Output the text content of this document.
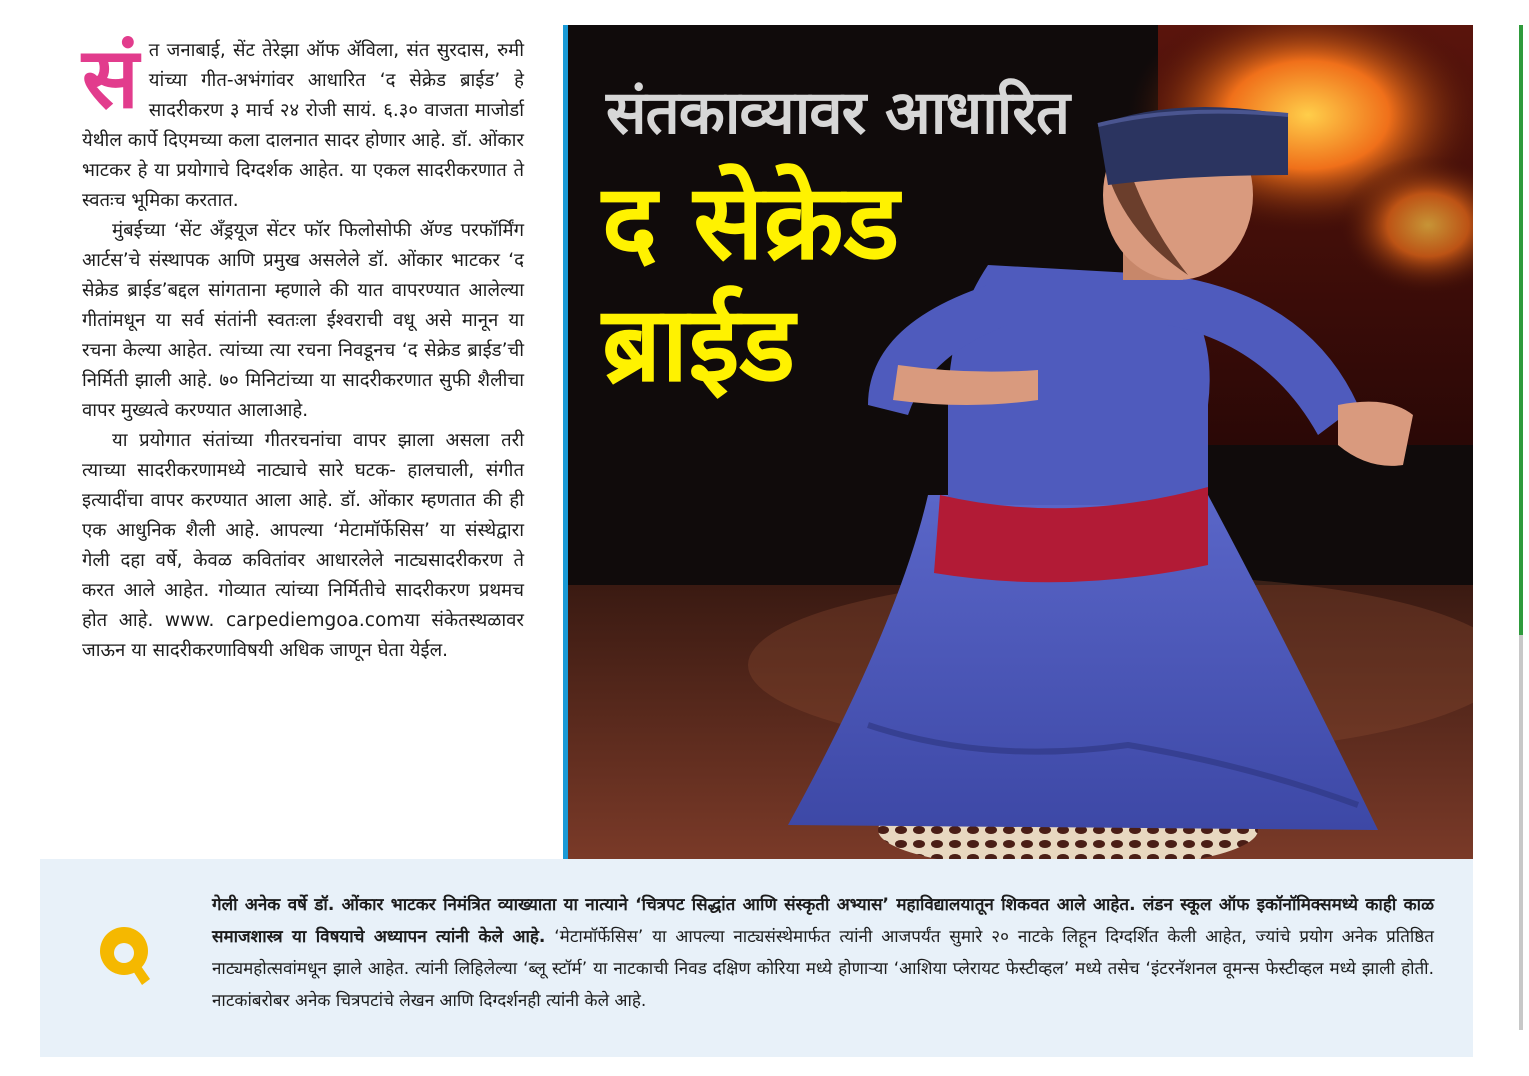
संत जनाबाई, सेंट तेरेझा ऑफ ॲविला, संत सुरदास, रुमी यांच्या गीत-अभंगांवर आधारित ‘द सेक्रेड ब्राईड’ हे सादरीकरण ३ मार्च २४ रोजी सायं. ६.३० वाजता माजोर्डा येथील कार्पे दिएमच्या कला दालनात सादर होणार आहे. डॉ. ओंकार भाटकर हे या प्रयोगाचे दिग्दर्शक आहेत. या एकल सादरीकरणात ते स्वतःच भूमिका करतात.

मुंबईच्या ‘सेंट ॲंड्रयूज सेंटर फॉर फिलोसोफी ॲण्ड परफॉर्मिंग आर्टस’चे संस्थापक आणि प्रमुख असलेले डॉ. ओंकार भाटकर ‘द सेक्रेड ब्राईड’बद्दल सांगताना म्हणाले की यात वापरण्यात आलेल्या गीतांमधून या सर्व संतांनी स्वतःला ईश्वराची वधू असे मानून या रचना केल्या आहेत. त्यांच्या त्या रचना निवडूनच ‘द सेक्रेड ब्राईड’ची निर्मिती झाली आहे. ७० मिनिटांच्या या सादरीकरणात सुफी शैलीचा वापर मुख्यत्वे करण्यात आलाआहे.

या प्रयोगात संतांच्या गीतरचनांचा वापर झाला असला तरी त्याच्या सादरीकरणामध्ये नाट्याचे सारे घटक- हालचाली, संगीत इत्यादींचा वापर करण्यात आला आहे. डॉ. ओंकार म्हणतात की ही एक आधुनिक शैली आहे. आपल्या ‘मेटामॉर्फेसिस’ या संस्थेद्वारा गेली दहा वर्षे, केवळ कवितांवर आधारलेले नाट्यसादरीकरण ते करत आले आहेत. गोव्यात त्यांच्या निर्मितीचे सादरीकरण प्रथमच होत आहे. www. carpediemgoa.comया संकेतस्थळावर जाऊन या सादरीकरणाविषयी अधिक जाणून घेता येईल.

संतकाव्यावर आधारित
द सेक्रेड ब्राईड

गेली अनेक वर्षे डॉ. ओंकार भाटकर निमंत्रित व्याख्याता या नात्याने ‘चित्रपट सिद्धांत आणि संस्कृती अभ्यास’ महाविद्यालयातून शिकवत आले आहेत. लंडन स्कूल ऑफ इकॉनॉमिक्समध्ये काही काळ समाजशास्त्र या विषयाचे अध्यापन त्यांनी केले आहे. ‘मेटामॉर्फेसिस’ या आपल्या नाट्यसंस्थेमार्फत त्यांनी आजपर्यंत सुमारे २० नाटके लिहून दिग्दर्शित केली आहेत, ज्यांचे प्रयोग अनेक प्रतिष्ठित नाट्यमहोत्सवांमधून झाले आहेत. त्यांनी लिहिलेल्या ‘ब्लू स्टॉर्म’ या नाटकाची निवड दक्षिण कोरिया मध्ये होणाऱ्या ‘आशिया प्लेरायट फेस्टीव्हल’ मध्ये तसेच ‘इंटरनॅशनल वूमन्स फेस्टीव्हल मध्ये झाली होती. नाटकांबरोबर अनेक चित्रपटांचे लेखन आणि दिग्दर्शनही त्यांनी केले आहे.
